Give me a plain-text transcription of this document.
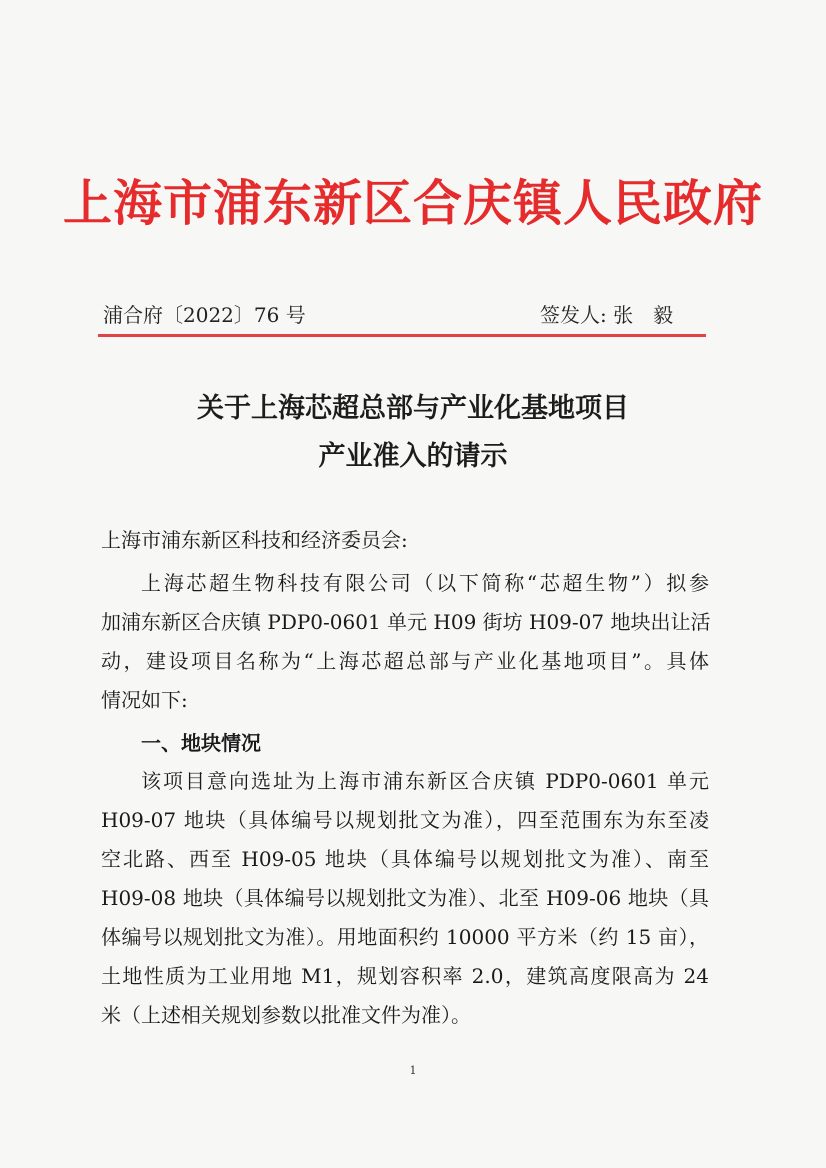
上海市浦东新区合庆镇人民政府
浦合府〔2022〕76 号	签发人: 张　毅
关于上海芯超总部与产业化基地项目
产业准入的请示
上海市浦东新区科技和经济委员会:
上海芯超生物科技有限公司（以下简称“芯超生物”）拟参
加浦东新区合庆镇 PDP0-0601 单元 H09 街坊 H09-07 地块出让活
动，建设项目名称为“上海芯超总部与产业化基地项目”。具体
情况如下:
一、地块情况
该项目意向选址为上海市浦东新区合庆镇 PDP0-0601 单元
H09-07 地块（具体编号以规划批文为准），四至范围东为东至凌
空北路、西至 H09-05 地块（具体编号以规划批文为准）、南至
H09-08 地块（具体编号以规划批文为准）、北至 H09-06 地块（具
体编号以规划批文为准）。用地面积约 10000 平方米（约 15 亩），
土地性质为工业用地 M1，规划容积率 2.0，建筑高度限高为 24
米（上述相关规划参数以批准文件为准）。
1
